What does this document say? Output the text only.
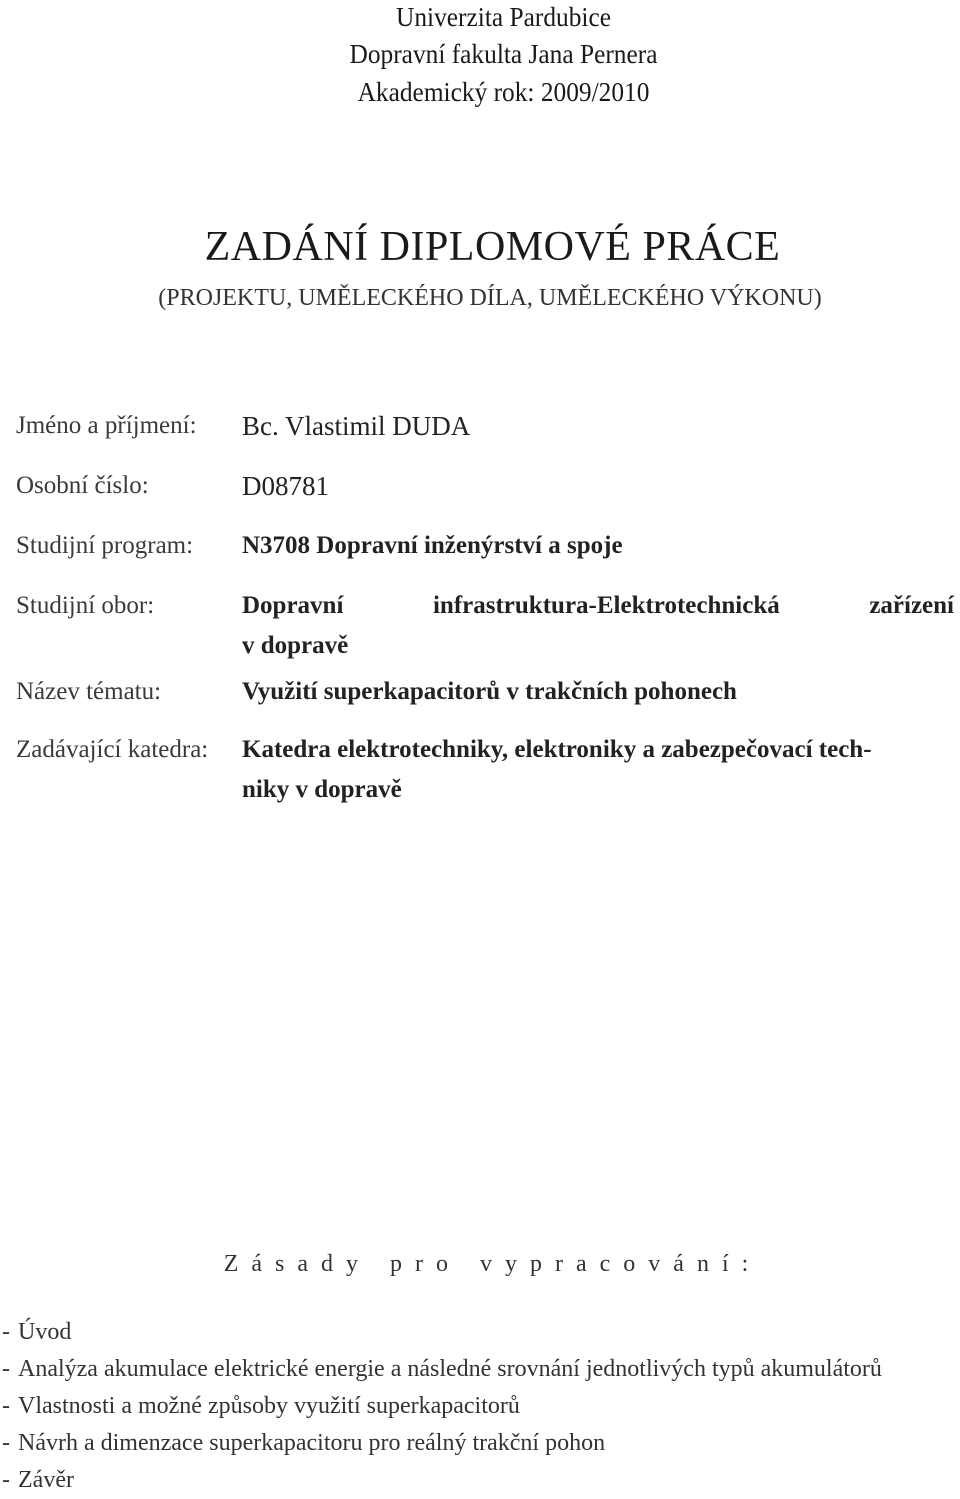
Univerzita Pardubice
Dopravní fakulta Jana Pernera
Akademický rok: 2009/2010
ZADÁNÍ DIPLOMOVÉ PRÁCE
(PROJEKTU, UMĚLECKÉHO DÍLA, UMĚLECKÉHO VÝKONU)
Jméno a příjmení: Bc. Vlastimil DUDA
Osobní číslo:	D08781
Studijní program: N3708 Dopravní inženýrství a spoje
Studijní obor:	Dopravní	infrastruktura-Elektrotechnická	zařízení
v dopravě
Název tématu:	Využití superkapacitorů v trakčních pohonech
Zadávající katedra: Katedra elektrotechniky, elektroniky a zabezpečovací tech-
niky v dopravě
Zásady pro vypracování:
- Úvod
- Analýza akumulace elektrické energie a následné srovnání jednotlivých typů akumulátorů
- Vlastnosti a možné způsoby využití superkapacitorů
- Návrh a dimenzace superkapacitoru pro reálný trakční pohon
- Závěr
